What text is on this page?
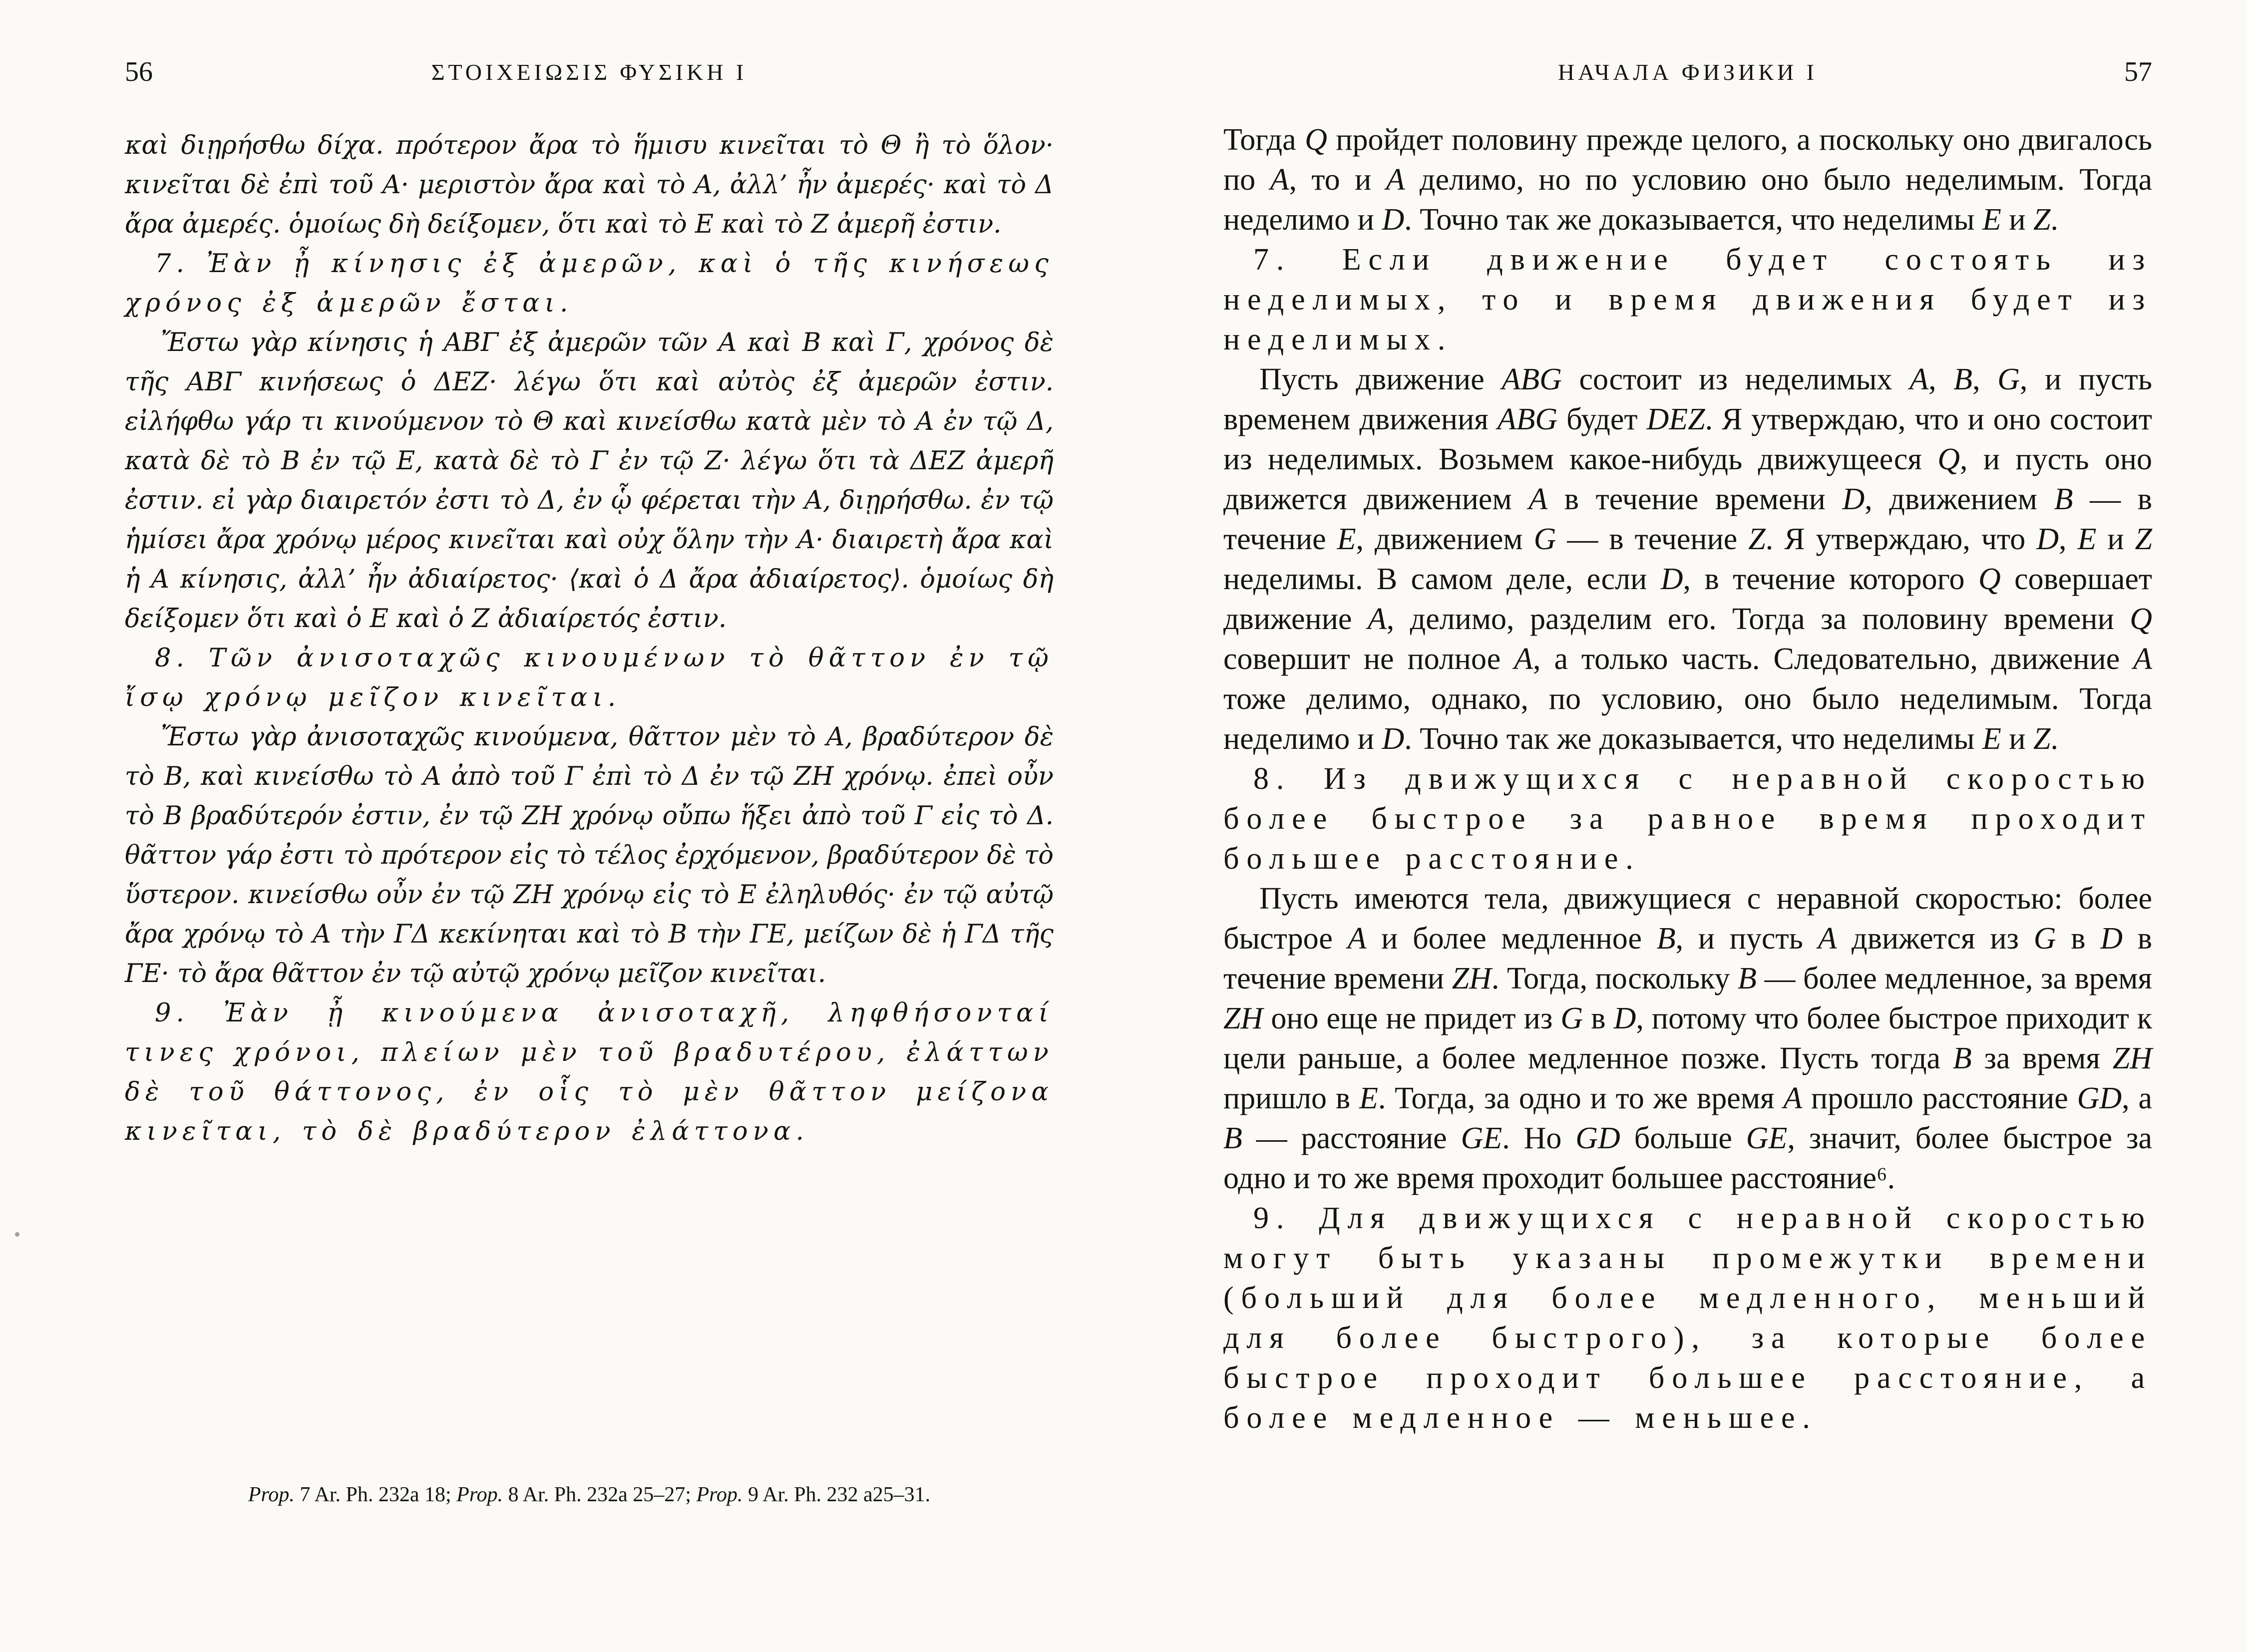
56	ΣΤΟΙΧΕΙΩΣΙΣ ΦΥΣΙΚΗ Ι

καὶ διῃρήσθω δίχα. πρότερον ἄρα τὸ ἥμισυ κινεῖται τὸ Θ ἢ τὸ ὅλον· κινεῖται δὲ ἐπὶ τοῦ Α· μεριστὸν ἄρα καὶ τὸ Α, ἀλλ’ ἦν ἀμερές· καὶ τὸ Δ ἄρα ἀμερές. ὁμοίως δὴ δείξομεν, ὅτι καὶ τὸ Ε καὶ τὸ Ζ ἀμερῆ ἐστιν.

7. Ἐὰν ᾖ κίνησις ἐξ ἀμερῶν, καὶ ὁ τῆς κινήσεως χρόνος ἐξ ἀμερῶν ἔσται.

Ἔστω γὰρ κίνησις ἡ ΑΒΓ ἐξ ἀμερῶν τῶν Α καὶ Β καὶ Γ, χρόνος δὲ τῆς ΑΒΓ κινήσεως ὁ ΔΕΖ· λέγω ὅτι καὶ αὐτὸς ἐξ ἀμερῶν ἐστιν. εἰλήφθω γάρ τι κινούμενον τὸ Θ καὶ κινείσθω κατὰ μὲν τὸ Α ἐν τῷ Δ, κατὰ δὲ τὸ Β ἐν τῷ Ε, κατὰ δὲ τὸ Γ ἐν τῷ Ζ· λέγω ὅτι τὰ ΔΕΖ ἀμερῆ ἐστιν. εἰ γὰρ διαιρετόν ἐστι τὸ Δ, ἐν ᾧ φέρεται τὴν Α, διῃρήσθω. ἐν τῷ ἡμίσει ἄρα χρόνῳ μέρος κινεῖται καὶ οὐχ ὅλην τὴν Α· διαιρετὴ ἄρα καὶ ἡ Α κίνησις, ἀλλ’ ἦν ἀδιαίρετος· ⟨καὶ ὁ Δ ἄρα ἀδιαίρετος⟩. ὁμοίως δὴ δείξομεν ὅτι καὶ ὁ Ε καὶ ὁ Ζ ἀδιαίρετός ἐστιν.

8. Τῶν ἀνισοταχῶς κινουμένων τὸ θᾶττον ἐν τῷ ἴσῳ χρόνῳ μεῖζον κινεῖται.

Ἔστω γὰρ ἀνισοταχῶς κινούμενα, θᾶττον μὲν τὸ Α, βραδύτερον δὲ τὸ Β, καὶ κινείσθω τὸ Α ἀπὸ τοῦ Γ ἐπὶ τὸ Δ ἐν τῷ ΖΗ χρόνῳ. ἐπεὶ οὖν τὸ Β βραδύτερόν ἐστιν, ἐν τῷ ΖΗ χρόνῳ οὔπω ἥξει ἀπὸ τοῦ Γ εἰς τὸ Δ. θᾶττον γάρ ἐστι τὸ πρότερον εἰς τὸ τέλος ἐρχόμενον, βραδύτερον δὲ τὸ ὕστερον. κινείσθω οὖν ἐν τῷ ΖΗ χρόνῳ εἰς τὸ Ε ἐληλυθός· ἐν τῷ αὐτῷ ἄρα χρόνῳ τὸ Α τὴν ΓΔ κεκίνηται καὶ τὸ Β τὴν ΓΕ, μείζων δὲ ἡ ΓΔ τῆς ΓΕ· τὸ ἄρα θᾶττον ἐν τῷ αὐτῷ χρόνῳ μεῖζον κινεῖται.

9. Ἐὰν ᾖ κινούμενα ἀνισοταχῆ, ληφθήσονταί τινες χρόνοι, πλείων μὲν τοῦ βραδυτέρου, ἐλάττων δὲ τοῦ θάττονος, ἐν οἷς τὸ μὲν θᾶττον μείζονα κινεῖται, τὸ δὲ βραδύτερον ἐλάττονα.

Prop. 7 Ar. Ph. 232a 18; Prop. 8 Ar. Ph. 232a 25–27; Prop. 9 Ar. Ph. 232 a25–31.
НАЧАЛА ФИЗИКИ Ι	57

Тогда Q пройдет половину прежде целого, а поскольку оно двигалось по A, то и A делимо, но по условию оно было неделимым. Тогда неделимо и D. Точно так же доказывается, что неделимы E и Z.

7. Если движение будет состоять из неделимых, то и время движения будет из неделимых.

Пусть движение ABG состоит из неделимых A, B, G, и пусть временем движения ABG будет DEZ. Я утверждаю, что и оно состоит из неделимых. Возьмем какое-нибудь движущееся Q, и пусть оно движется движением A в течение времени D, движением B — в течение E, движением G — в течение Z. Я утверждаю, что D, E и Z неделимы. В самом деле, если D, в течение которого Q совершает движение A, делимо, разделим его. Тогда за половину времени Q совершит не полное A, а только часть. Следовательно, движение A тоже делимо, однако, по условию, оно было неделимым. Тогда неделимо и D. Точно так же доказывается, что неделимы E и Z.

8. Из движущихся с неравной скоростью более быстрое за равное время проходит большее расстояние.

Пусть имеются тела, движущиеся с неравной скоростью: более быстрое A и более медленное B, и пусть A движется из G в D в течение времени ZH. Тогда, поскольку B — более медленное, за время ZH оно еще не придет из G в D, потому что более быстрое приходит к цели раньше, а более медленное позже. Пусть тогда B за время ZH пришло в E. Тогда, за одно и то же время A прошло расстояние GD, а B — расстояние GE. Но GD больше GE, значит, более быстрое за одно и то же время проходит большее расстояние⁶.

9. Для движущихся с неравной скоростью могут быть указаны промежутки времени (больший для более медленного, меньший для более быстрого), за которые более быстрое проходит большее расстояние, а более медленное — меньшее.
